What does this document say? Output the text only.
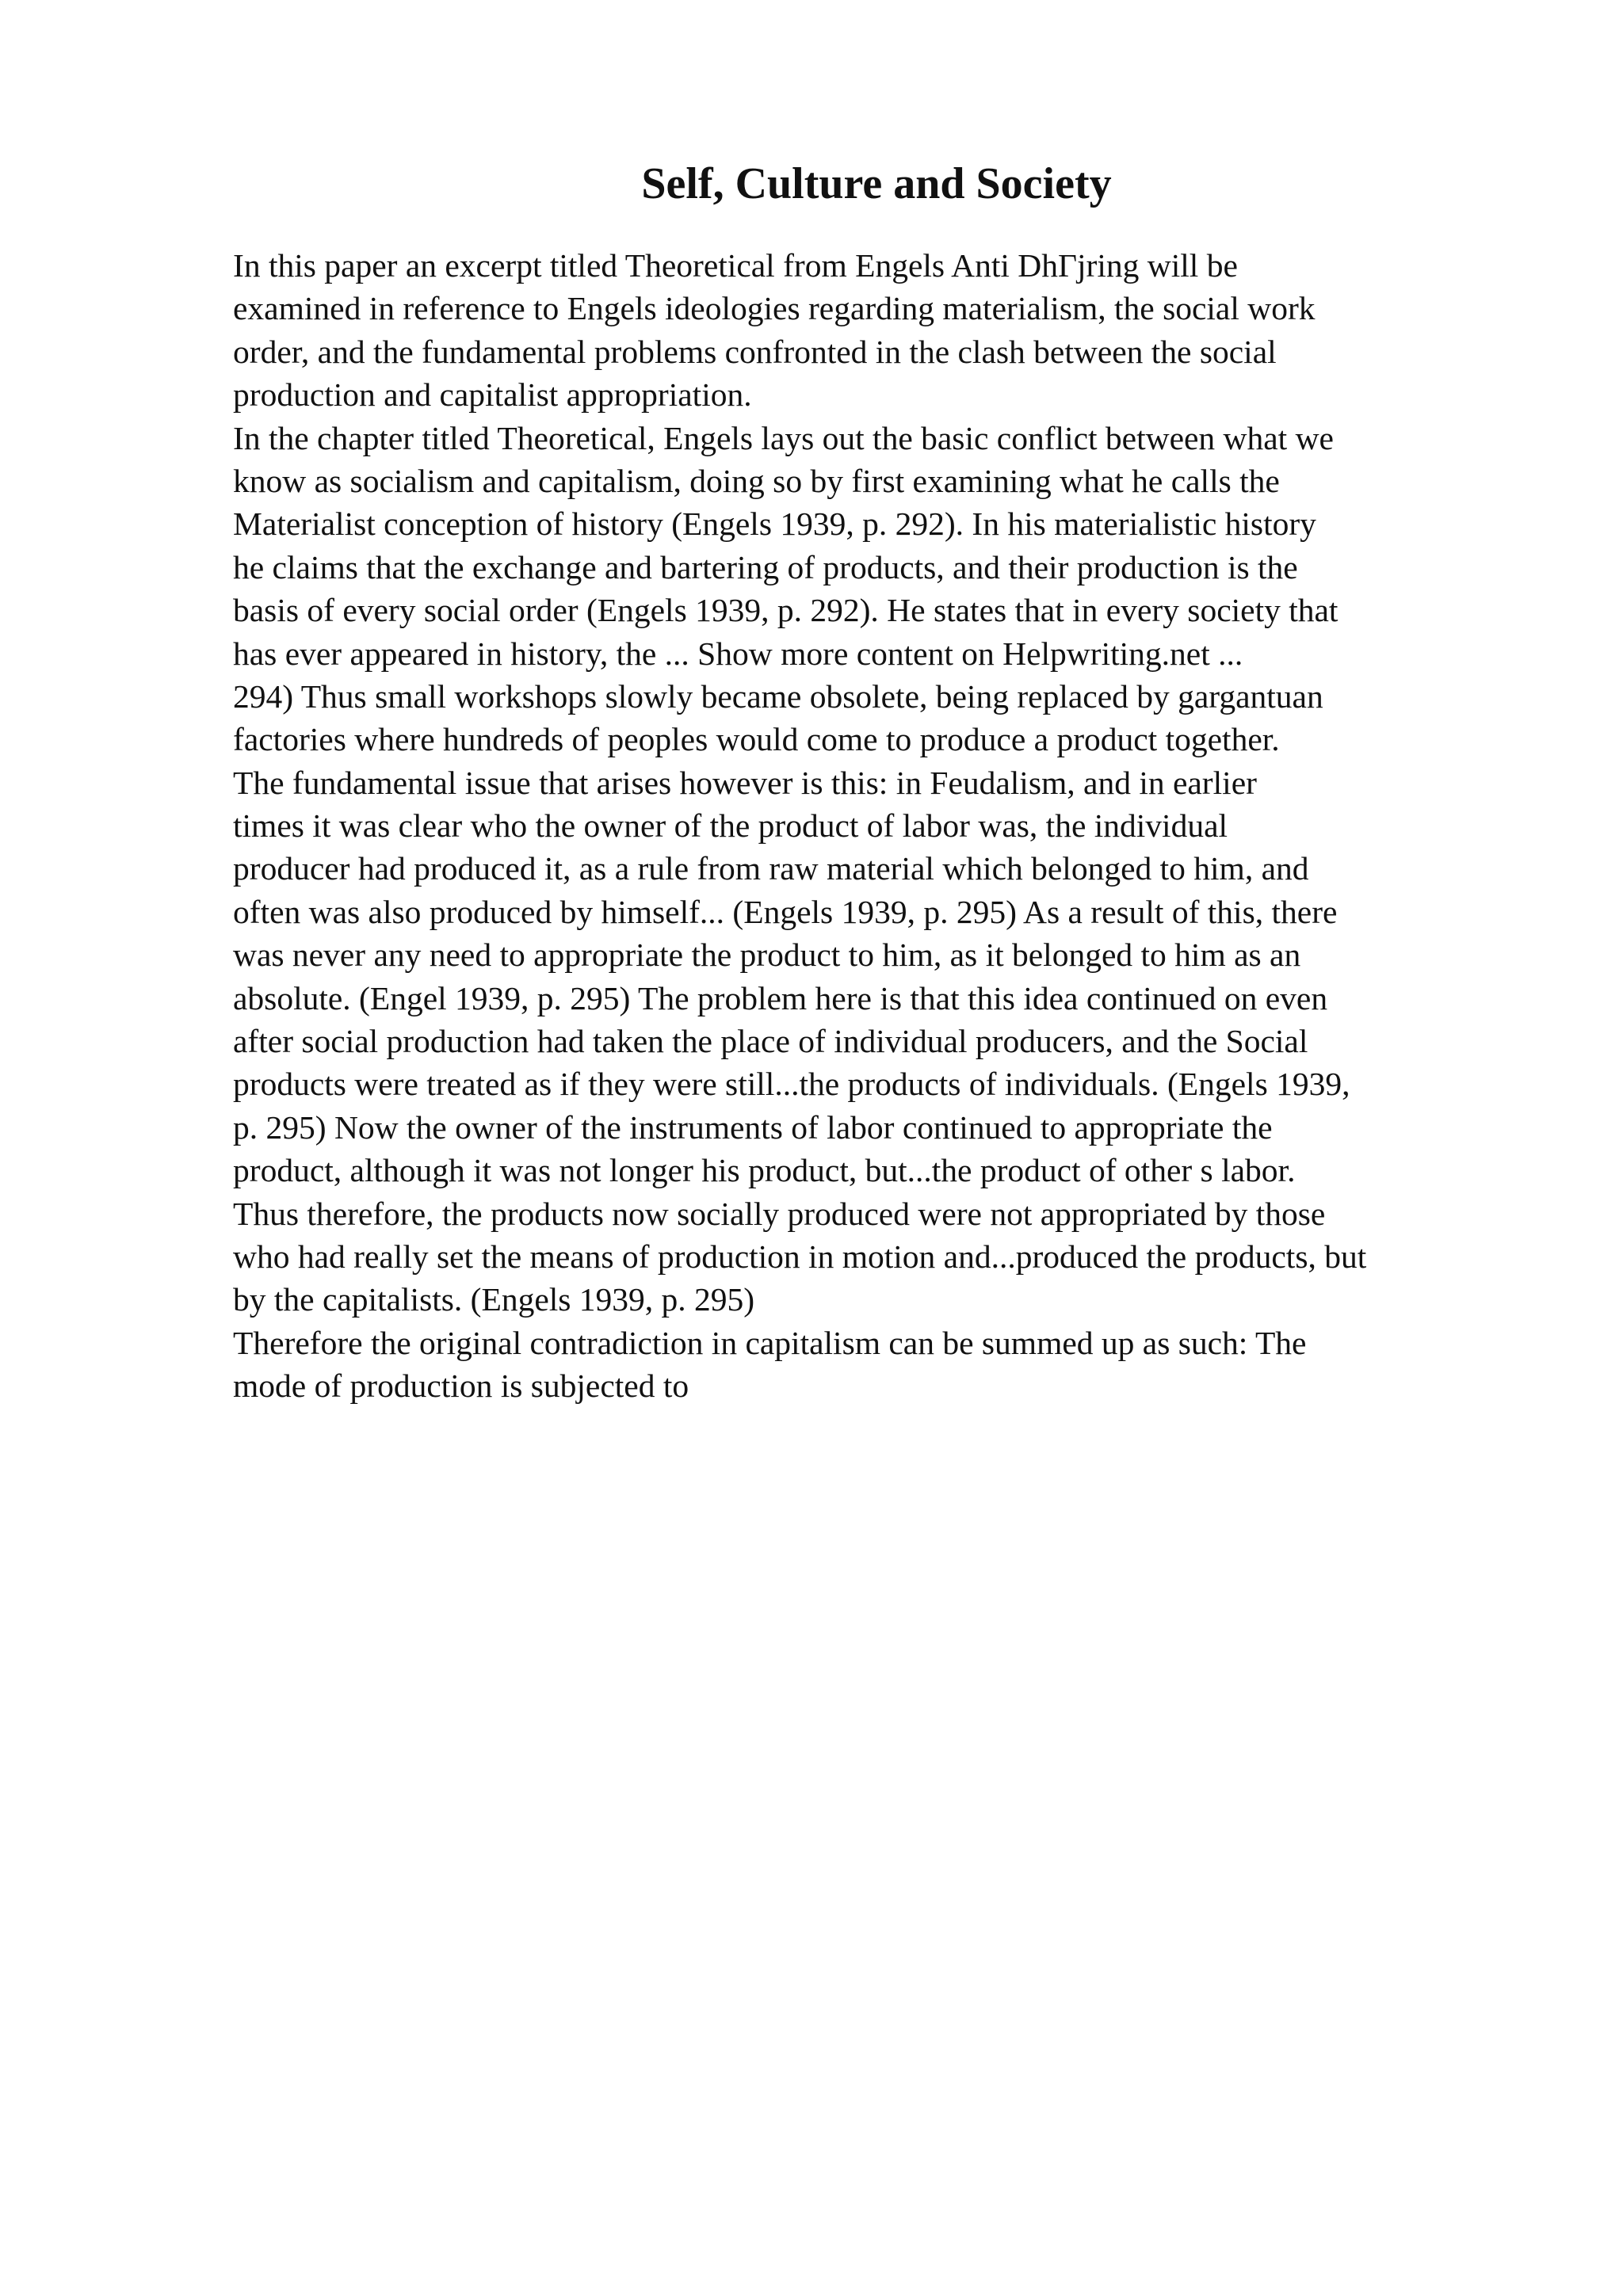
Self, Culture and Society
In this paper an excerpt titled Theoretical from Engels Anti DhΓjring will be
examined in reference to Engels ideologies regarding materialism, the social work
order, and the fundamental problems confronted in the clash between the social
production and capitalist appropriation.
In the chapter titled Theoretical, Engels lays out the basic conflict between what we
know as socialism and capitalism, doing so by first examining what he calls the
Materialist conception of history (Engels 1939, p. 292). In his materialistic history
he claims that the exchange and bartering of products, and their production is the
basis of every social order (Engels 1939, p. 292). He states that in every society that
has ever appeared in history, the ... Show more content on Helpwriting.net ...
294) Thus small workshops slowly became obsolete, being replaced by gargantuan
factories where hundreds of peoples would come to produce a product together.
The fundamental issue that arises however is this: in Feudalism, and in earlier
times it was clear who the owner of the product of labor was, the individual
producer had produced it, as a rule from raw material which belonged to him, and
often was also produced by himself... (Engels 1939, p. 295) As a result of this, there
was never any need to appropriate the product to him, as it belonged to him as an
absolute. (Engel 1939, p. 295) The problem here is that this idea continued on even
after social production had taken the place of individual producers, and the Social
products were treated as if they were still...the products of individuals. (Engels 1939,
p. 295) Now the owner of the instruments of labor continued to appropriate the
product, although it was not longer his product, but...the product of other s labor.
Thus therefore, the products now socially produced were not appropriated by those
who had really set the means of production in motion and...produced the products, but
by the capitalists. (Engels 1939, p. 295)
Therefore the original contradiction in capitalism can be summed up as such: The
mode of production is subjected to
